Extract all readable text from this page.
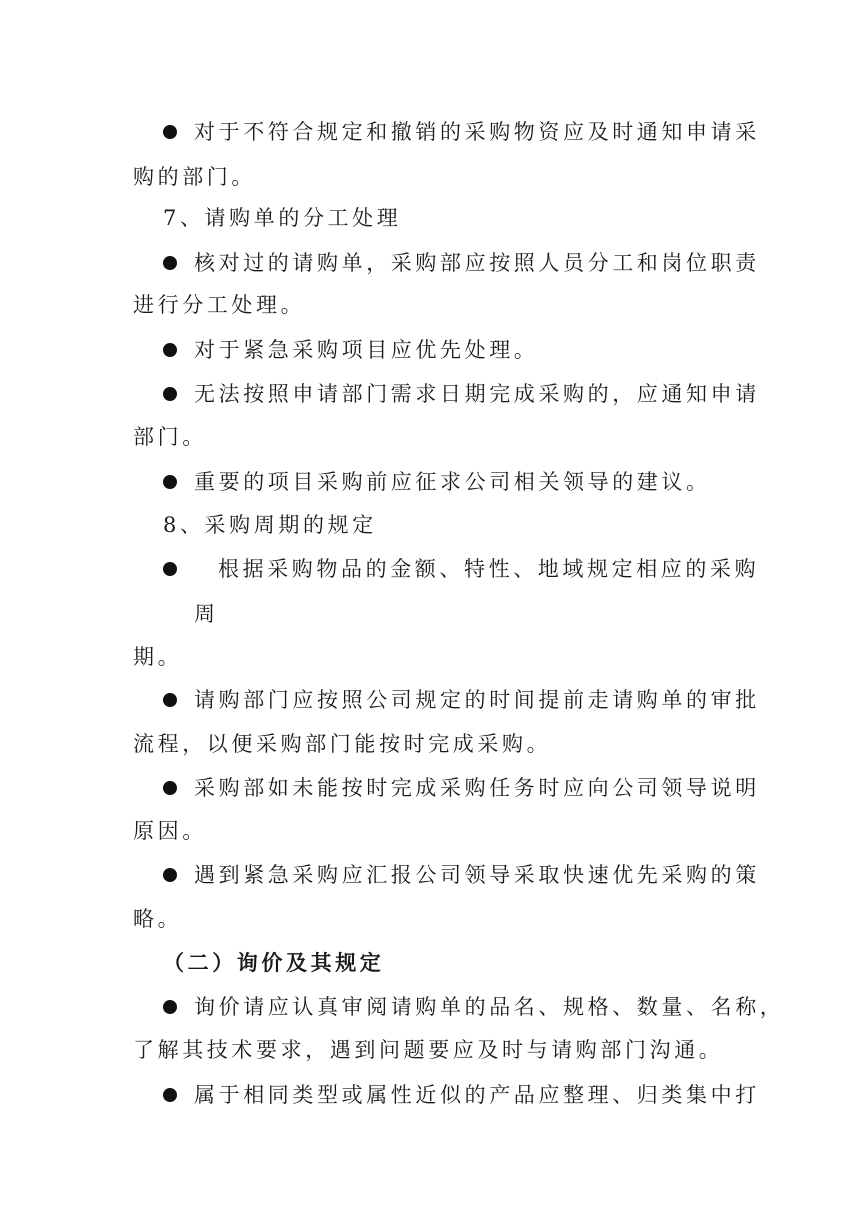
对于不符合规定和撤销的采购物资应及时通知申请采
购的部门。
7、请购单的分工处理
核对过的请购单，采购部应按照人员分工和岗位职责
进行分工处理。
对于紧急采购项目应优先处理。
无法按照申请部门需求日期完成采购的，应通知申请
部门。
重要的项目采购前应征求公司相关领导的建议。
8、采购周期的规定
根据采购物品的金额、特性、地域规定相应的采购
周
期。
请购部门应按照公司规定的时间提前走请购单的审批
流程，以便采购部门能按时完成采购。
采购部如未能按时完成采购任务时应向公司领导说明
原因。
遇到紧急采购应汇报公司领导采取快速优先采购的策
略。
（二）询价及其规定
询价请应认真审阅请购单的品名、规格、数量、名称，
了解其技术要求，遇到问题要应及时与请购部门沟通。
属于相同类型或属性近似的产品应整理、归类集中打
